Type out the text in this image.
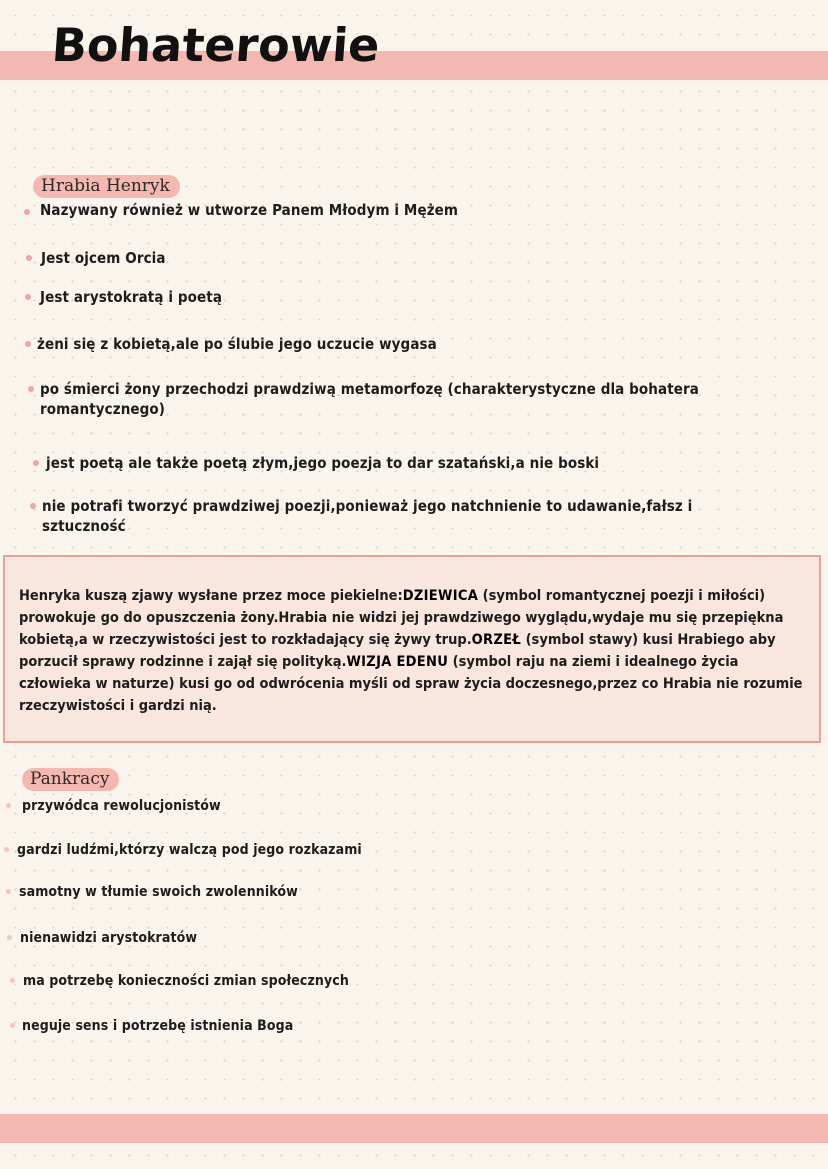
Bohaterowie
Hrabia Henryk

Nazywany również w utworze Panem Młodym i Mężem

Jest ojcem Orcia

Jest arystokratą i poetą

żeni się z kobietą,ale po ślubie jego uczucie wygasa

po śmierci żony przechodzi prawdziwą metamorfozę (charakterystyczne dla bohatera romantycznego)

jest poetą ale także poetą złym,jego poezja to dar szatański,a nie boski

nie potrafi tworzyć prawdziwej poezji,ponieważ jego natchnienie to udawanie,fałsz i sztuczność

Henryka kuszą zjawy wysłane przez moce piekielne:DZIEWICA (symbol romantycznej poezji i miłości) prowokuje go do opuszczenia żony.Hrabia nie widzi jej prawdziwego wyglądu,wydaje mu się przepiękna kobietą,a w rzeczywistości jest to rozkładający się żywy trup.ORZEŁ (symbol stawy) kusi Hrabiego aby porzucił sprawy rodzinne i zajął się polityką.WIZJA EDENU (symbol raju na ziemi i idealnego życia człowieka w naturze) kusi go od odwrócenia myśli od spraw życia doczesnego,przez co Hrabia nie rozumie rzeczywistości i gardzi nią.

Pankracy

przywódca rewolucjonistów

gardzi ludźmi,którzy walczą pod jego rozkazami

samotny w tłumie swoich zwolenników

nienawidzi arystokratów

ma potrzebę konieczności zmian społecznych

neguje sens i potrzebę istnienia Boga
